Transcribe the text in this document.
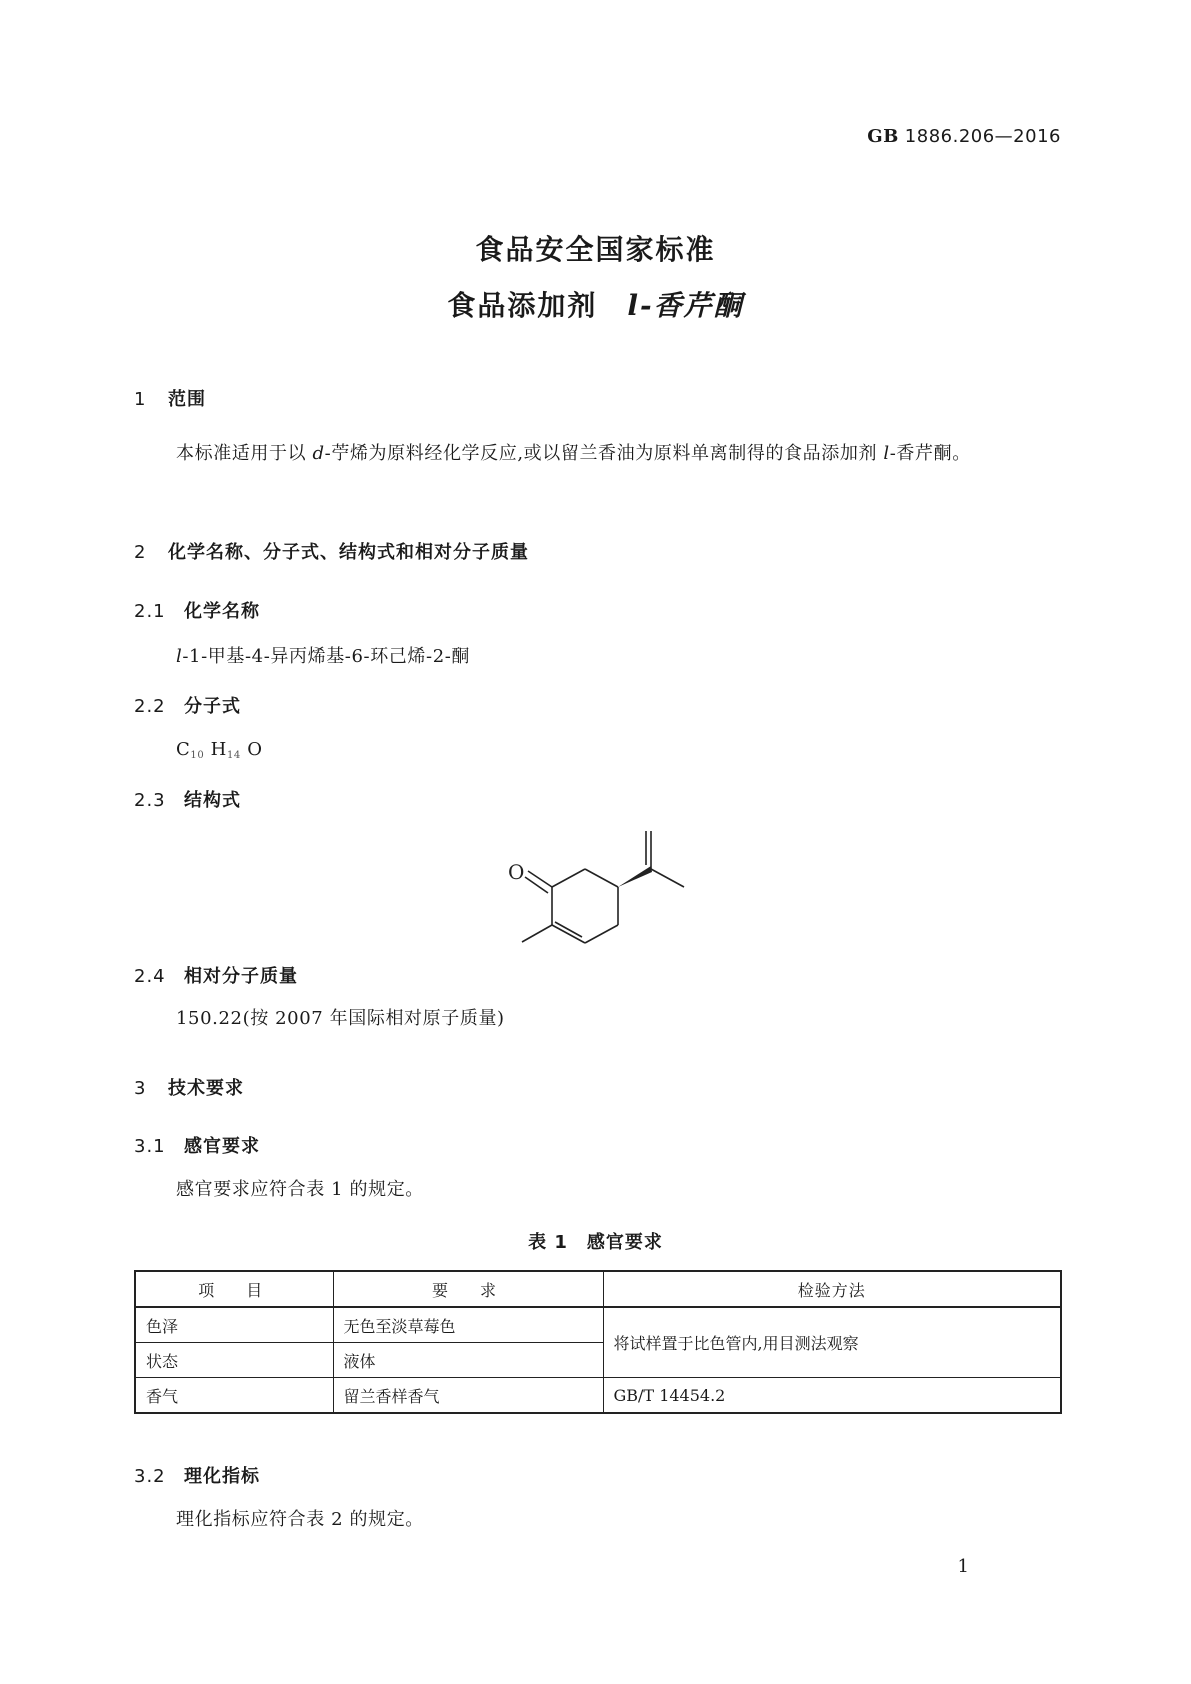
GB 1886.206—2016
食品安全国家标准
食品添加剂 l-香芹酮
1 范围
本标准适用于以 d-苧烯为原料经化学反应,或以留兰香油为原料单离制得的食品添加剂 l-香芹酮。
2 化学名称、分子式、结构式和相对分子质量
2.1 化学名称
l-1-甲基-4-异丙烯基-6-环己烯-2-酮
2.2 分子式
$C_{10}$ $H_{14}$ O
2.3 结构式
O
2.4 相对分子质量
150.22(按 2007 年国际相对原子质量)
3 技术要求
3.1 感官要求
感官要求应符合表 1 的规定。
表 1　感官要求
项　目	要　求	检验方法
色泽	无色至淡草莓色	将试样置于比色管内,用目测法观察
状态	液体	
香气	留兰香样香气	GB/T 14454.2
3.2 理化指标
理化指标应符合表 2 的规定。
1
